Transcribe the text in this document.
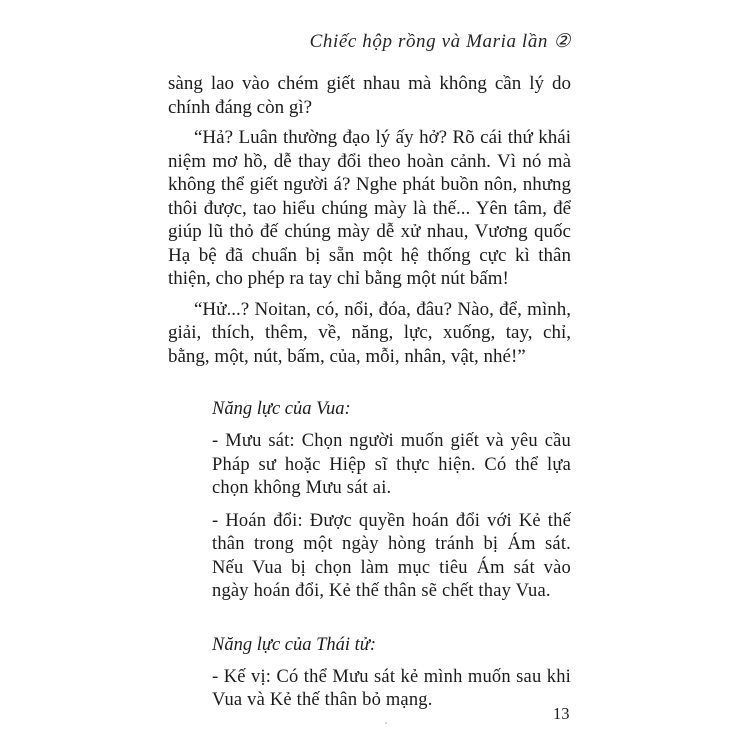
Chiếc hộp rồng và Maria lần ②

sàng lao vào chém giết nhau mà không cần lý do chính đáng còn gì?

“Hả? Luân thường đạo lý ấy hở? Rõ cái thứ khái niệm mơ hồ, dễ thay đổi theo hoàn cảnh. Vì nó mà không thể giết người á? Nghe phát buồn nôn, nhưng thôi được, tao hiểu chúng mày là thế... Yên tâm, để giúp lũ thỏ đế chúng mày dễ xử nhau, Vương quốc Hạ bệ đã chuẩn bị sẵn một hệ thống cực kì thân thiện, cho phép ra tay chỉ bằng một nút bấm!

“Hử...? Noitan, có, nổi, đóa, đâu? Nào, để, mình, giải, thích, thêm, về, năng, lực, xuống, tay, chỉ, bằng, một, nút, bấm, của, mỗi, nhân, vật, nhé!”

Năng lực của Vua:

- Mưu sát: Chọn người muốn giết và yêu cầu Pháp sư hoặc Hiệp sĩ thực hiện. Có thể lựa chọn không Mưu sát ai.

- Hoán đổi: Được quyền hoán đổi với Kẻ thế thân trong một ngày hòng tránh bị Ám sát. Nếu Vua bị chọn làm mục tiêu Ám sát vào ngày hoán đổi, Kẻ thế thân sẽ chết thay Vua.

Năng lực của Thái tử:

- Kế vị: Có thể Mưu sát kẻ mình muốn sau khi Vua và Kẻ thế thân bỏ mạng.

13
